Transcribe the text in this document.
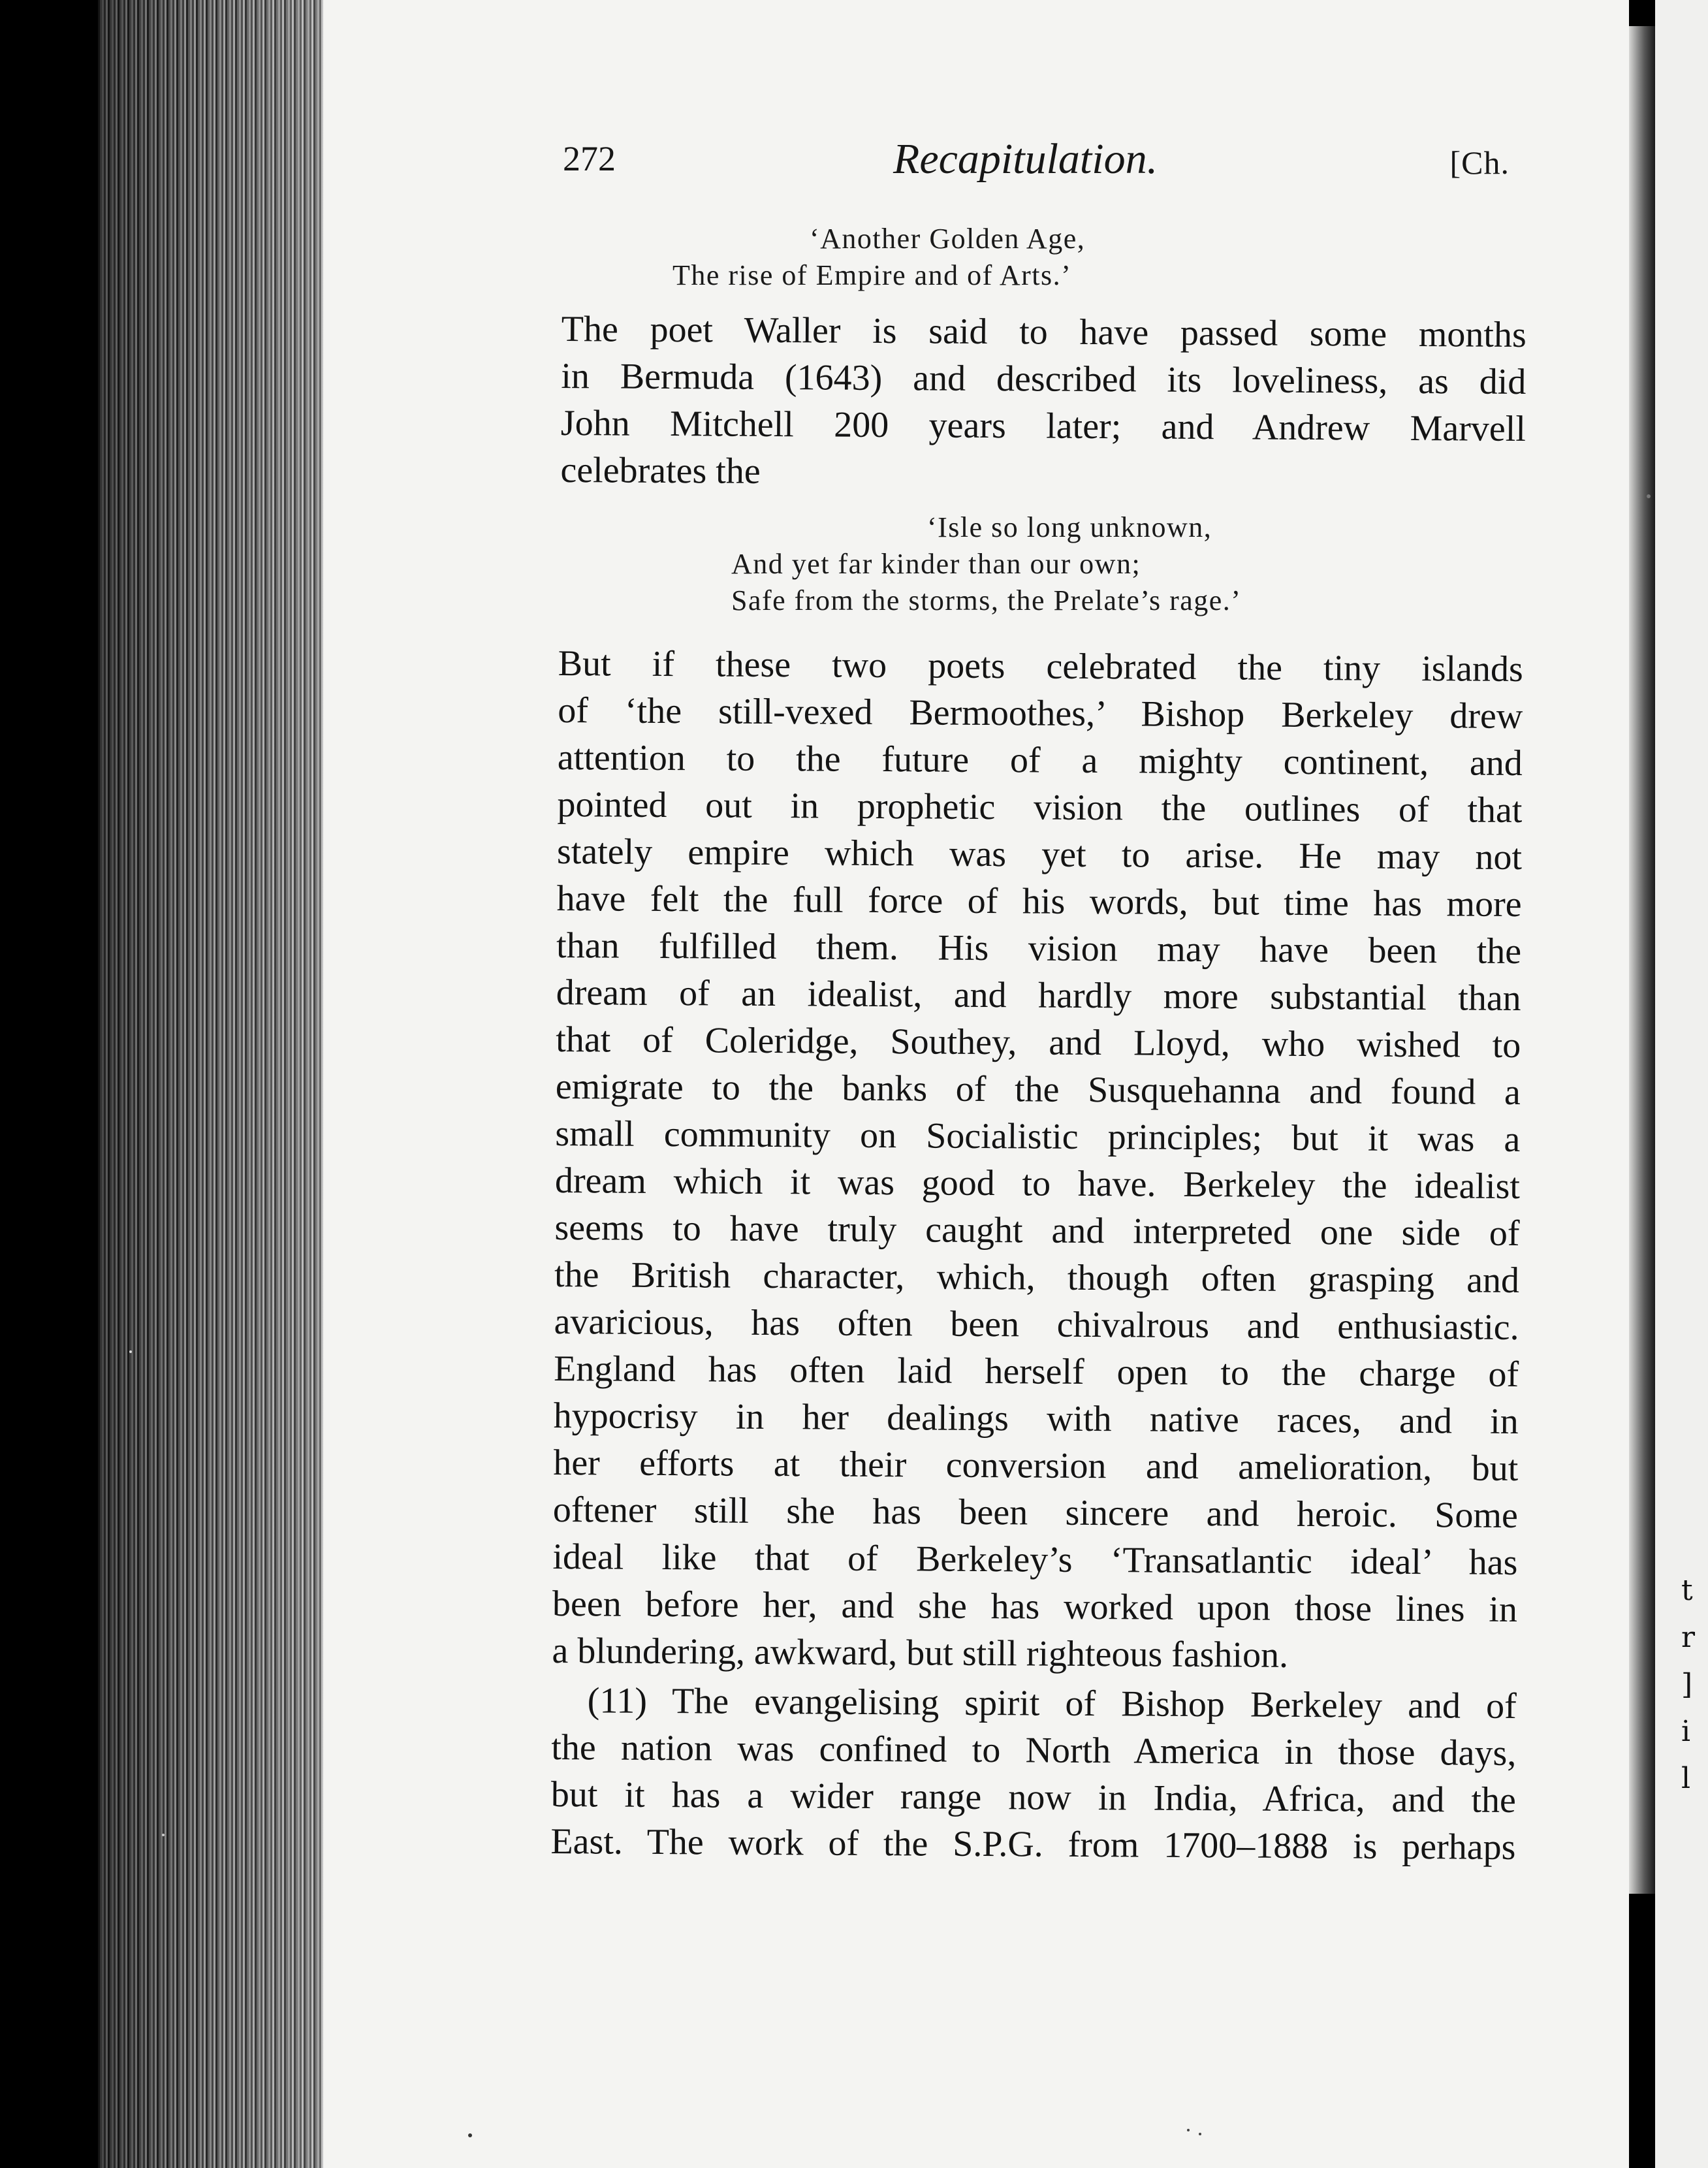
t
r
]
i
l
272	Recapitulation.	[Ch.
‘Another Golden Age,
The rise of Empire and of Arts.’
The poet Waller is said to have passed some months
in Bermuda (1643) and described its loveliness, as did
John Mitchell 200 years later; and Andrew Marvell
celebrates the
‘Isle so long unknown,
And yet far kinder than our own;
Safe from the storms, the Prelate’s rage.’
But if these two poets celebrated the tiny islands
of ‘the still-vexed Bermoothes,’ Bishop Berkeley drew
attention to the future of a mighty continent, and
pointed out in prophetic vision the outlines of that
stately empire which was yet to arise. He may not
have felt the full force of his words, but time has more
than fulfilled them. His vision may have been the
dream of an idealist, and hardly more substantial than
that of Coleridge, Southey, and Lloyd, who wished to
emigrate to the banks of the Susquehanna and found a
small community on Socialistic principles; but it was a
dream which it was good to have. Berkeley the idealist
seems to have truly caught and interpreted one side of
the British character, which, though often grasping and
avaricious, has often been chivalrous and enthusiastic.
England has often laid herself open to the charge of
hypocrisy in her dealings with native races, and in
her efforts at their conversion and amelioration, but
oftener still she has been sincere and heroic. Some
ideal like that of Berkeley’s ‘Transatlantic ideal’ has
been before her, and she has worked upon those lines in
a blundering, awkward, but still righteous fashion.
(11) The evangelising spirit of Bishop Berkeley and of
the nation was confined to North America in those days,
but it has a wider range now in India, Africa, and the
East. The work of the S.P.G. from 1700–1888 is perhaps
